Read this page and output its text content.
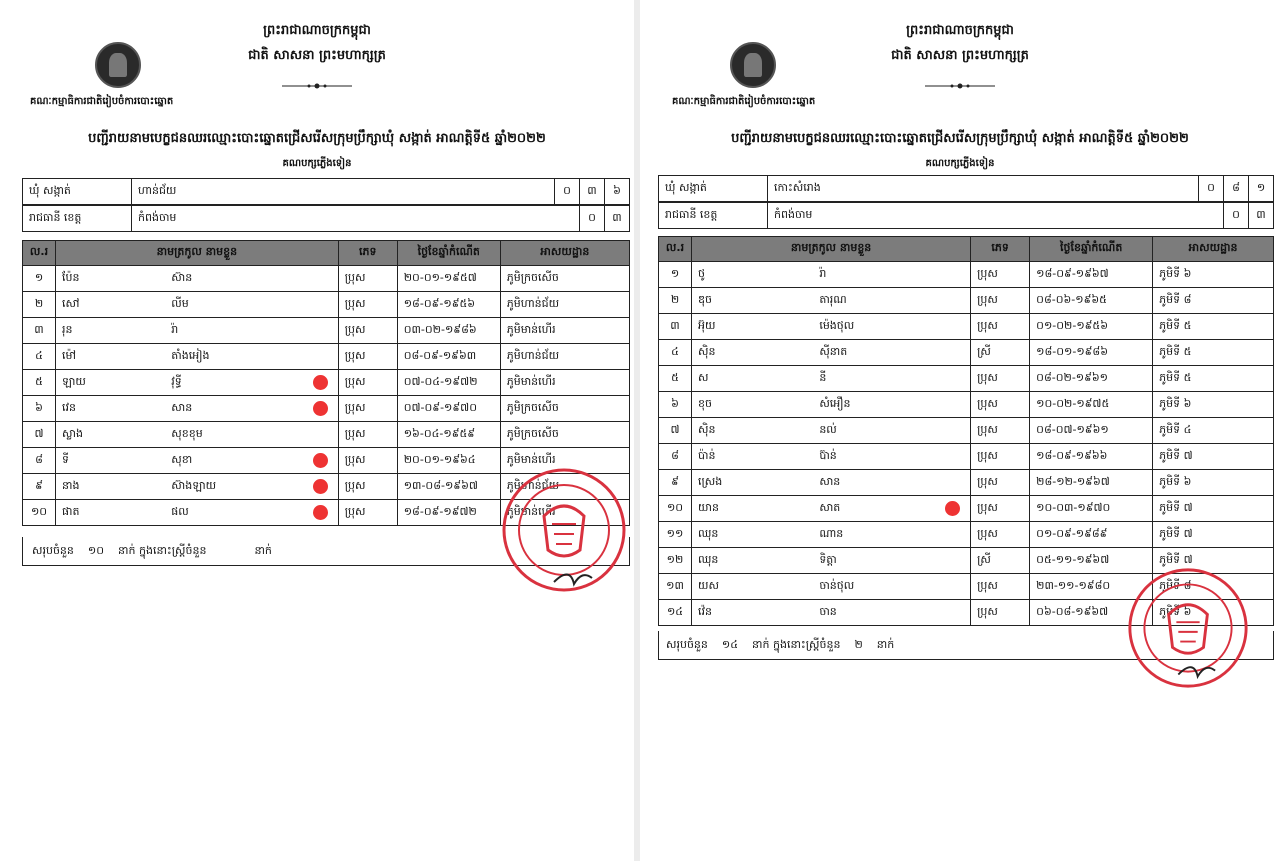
ព្រះរាជាណាចក្រកម្ពុជា
ជាតិ សាសនា ព្រះមហាក្សត្រ
គណៈកម្មាធិការជាតិរៀបចំការបោះឆ្នោត
បញ្ជីរាយនាមបេក្ខជនឈរឈ្មោះបោះឆ្នោតជ្រើសរើសក្រុមប្រឹក្សាឃុំ សង្កាត់ អាណត្តិទី៥ ឆ្នាំ២០២២
គណបក្សភ្លើងទៀន
ឃុំ សង្កាត់	ហាន់ជ័យ	០	៣	៦
រាជធានី ខេត្ត	កំពង់ចាម	០	៣
ល.រ	នាមត្រកូល នាមខ្លួន		ភេទ	ថ្ងៃខែឆ្នាំកំណើត	អាសយដ្ឋាន
១	ប៉ែន	ស៊ាន	ប្រុស	២០-០១-១៩៥៧	ភូមិក្រចសើច
២	សៅ	លីម	ប្រុស	១៨-០៩-១៩៥៦	ភូមិហាន់ជ័យ
៣	រុន	រ៉ា	ប្រុស	០៣-០២-១៩៨៦	ភូមិមាន់ហើរ
៤	ម៉ៅ	តាំងអៀង	ប្រុស	០៨-០៩-១៩៦៣	ភូមិហាន់ជ័យ
៥	ឡាយ	វុទ្ធី	ប្រុស	០៧-០៤-១៩៧២	ភូមិមាន់ហើរ
៦	វេន	សាន	ប្រុស	០៧-០៩-១៩៧០	ភូមិក្រចសើច
៧	ស្លាង	សុខខុម	ប្រុស	១៦-០៤-១៩៥៩	ភូមិក្រចសើច
៨	ទី	សុខា	ប្រុស	២០-០១-១៩៦៤	ភូមិមាន់ហើរ
៩	នាង	ស៊ាងឡាយ	ប្រុស	១៣-០៨-១៩៦៧	ភូមិហាន់ជ័យ
១០	ផាត	ផល	ប្រុស	១៨-០៩-១៩៧២	ភូមិមាន់ហើរ
សរុបចំនួន ១០ នាក់ ក្នុងនោះស្ត្រីចំនួន	នាក់
ព្រះរាជាណាចក្រកម្ពុជា
ជាតិ សាសនា ព្រះមហាក្សត្រ
គណៈកម្មាធិការជាតិរៀបចំការបោះឆ្នោត
បញ្ជីរាយនាមបេក្ខជនឈរឈ្មោះបោះឆ្នោតជ្រើសរើសក្រុមប្រឹក្សាឃុំ សង្កាត់ អាណត្តិទី៥ ឆ្នាំ២០២២
គណបក្សភ្លើងទៀន
ឃុំ សង្កាត់	កោះសំរោង	០	៨	១
រាជធានី ខេត្ត	កំពង់ចាម	០	៣
ល.រ	នាមត្រកូល នាមខ្លួន		ភេទ	ថ្ងៃខែឆ្នាំកំណើត	អាសយដ្ឋាន
១	ថូ	រ៉ា	ប្រុស	១៨-០៩-១៩៦៧	ភូមិទី ៦
២	ឌុច	តារុណ	ប្រុស	០៨-០៦-១៩៦៥	ភូមិទី ៨
៣	អ៊ុយ	ម៉េងថុល	ប្រុស	០១-០២-១៩៥៦	ភូមិទី ៥
៤	ស៊ិន	ស៊ីនាត	ស្រី	១៨-០១-១៩៨៦	ភូមិទី ៥
៥	ស	នី	ប្រុស	០៨-០២-១៩៦១	ភូមិទី ៥
៦	ខុច	សំអឿន	ប្រុស	១០-០២-១៩៧៥	ភូមិទី ៦
៧	ស៊ិន	នល់	ប្រុស	០៨-០៧-១៩៦១	ភូមិទី ៤
៨	ប៉ាន់	ប៊ាន់	ប្រុស	១៨-០៩-១៩៦៦	ភូមិទី ៧
៩	ស្រេង	សាន	ប្រុស	២៨-១២-១៩៦៧	ភូមិទី ៦
១០	យាន	សាត	ប្រុស	១០-០៣-១៩៧០	ភូមិទី ៧
១១	ឈុន	ណាន	ប្រុស	០១-០៩-១៩៨៩	ភូមិទី ៧
១២	ឈុន	ទិត្តា	ស្រី	០៥-១១-១៩៦៧	ភូមិទី ៧
១៣	យស	ចាន់ថុល	ប្រុស	២៣-១១-១៩៨០	ភូមិទី ៨
១៤	វ៉េន	ចាន	ប្រុស	០៦-០៨-១៩៦៧	ភូមិទី ៦
សរុបចំនួន ១៤ នាក់ ក្នុងនោះស្ត្រីចំនួន ២ នាក់
